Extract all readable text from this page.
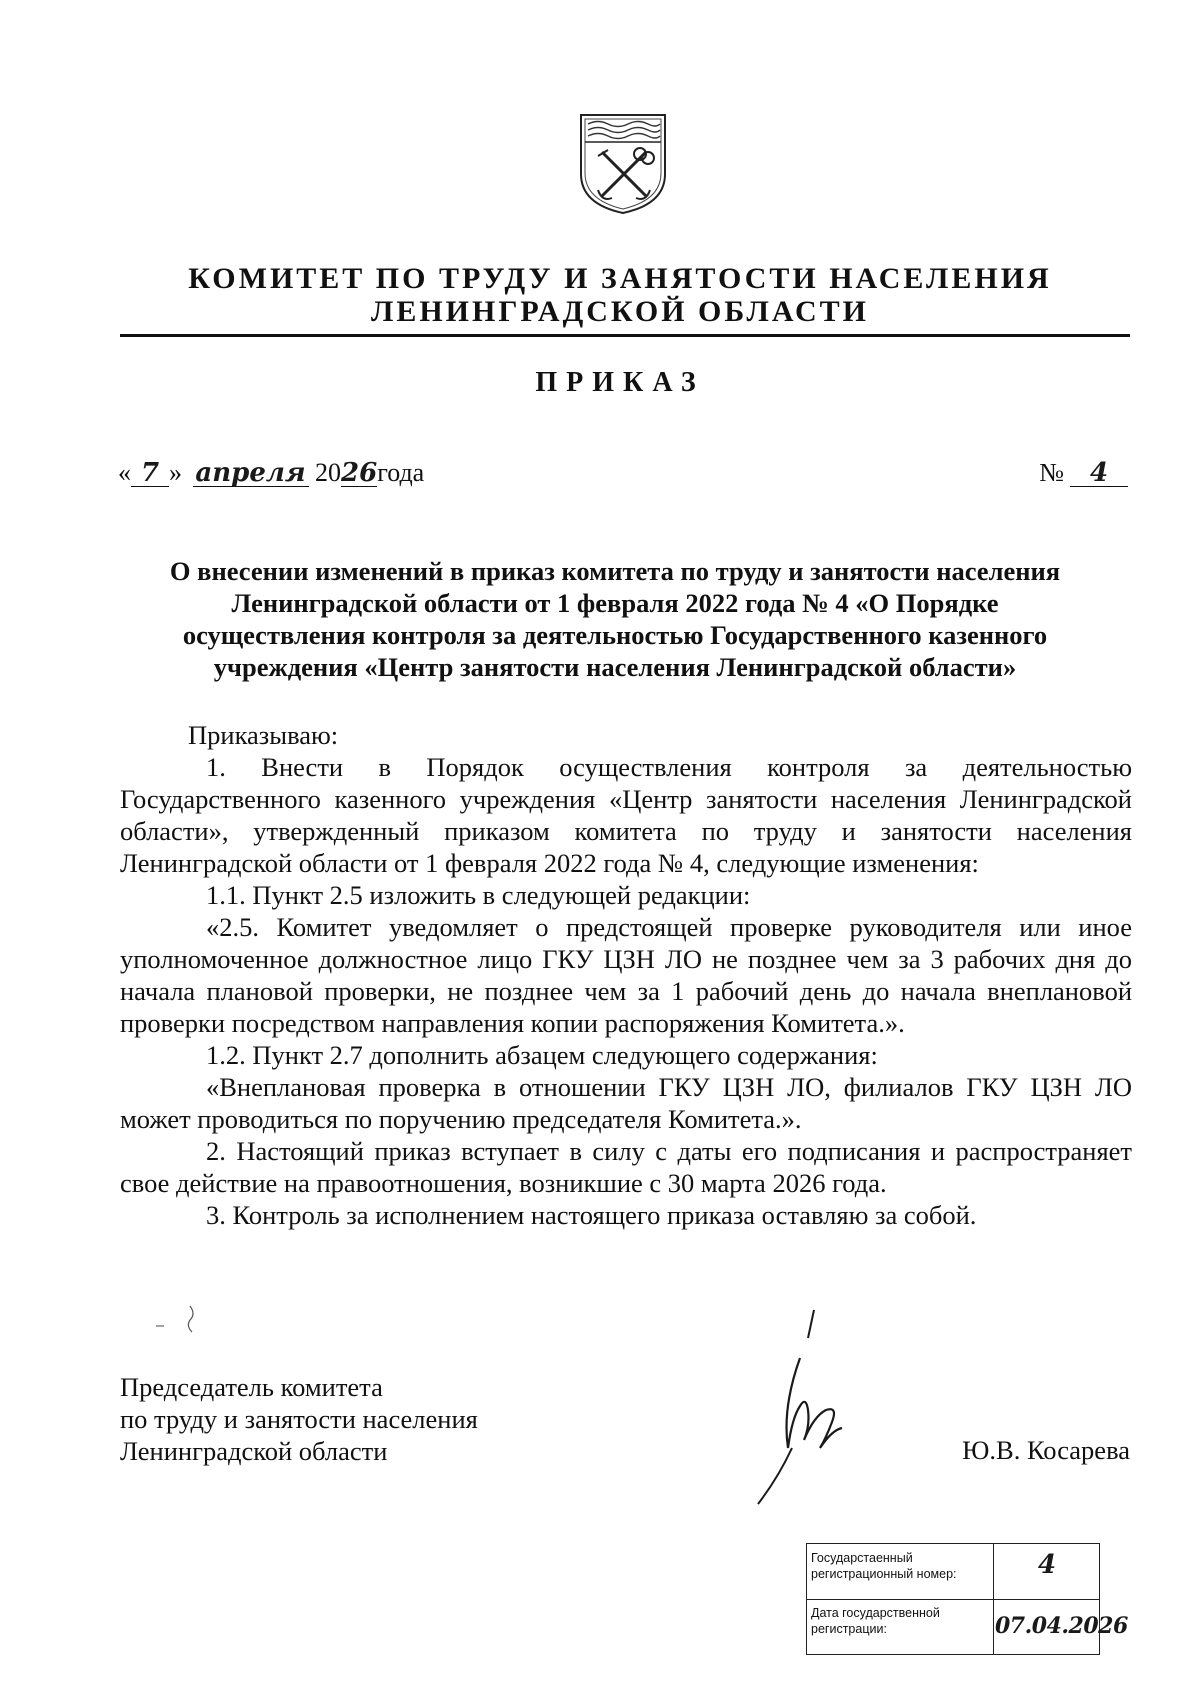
КОМИТЕТ ПО ТРУДУ И ЗАНЯТОСТИ НАСЕЛЕНИЯ
ЛЕНИНГРАДСКОЙ ОБЛАСТИ
ПРИКАЗ
« 7 » апреля 2026года	№ 4
О внесении изменений в приказ комитета по труду и занятости населения
Ленинградской области от 1 февраля 2022 года № 4 «О Порядке
осуществления контроля за деятельностью Государственного казенного
учреждения «Центр занятости населения Ленинградской области»

Приказываю:

1. Внести в Порядок осуществления контроля за деятельностью Государственного казенного учреждения «Центр занятости населения Ленинградской области», утвержденный приказом комитета по труду и занятости населения Ленинградской области от 1 февраля 2022 года № 4, следующие изменения:

1.1. Пункт 2.5 изложить в следующей редакции:

«2.5. Комитет уведомляет о предстоящей проверке руководителя или иное уполномоченное должностное лицо ГКУ ЦЗН ЛО не позднее чем за 3 рабочих дня до начала плановой проверки, не позднее чем за 1 рабочий день до начала внеплановой проверки посредством направления копии распоряжения Комитета.».

1.2. Пункт 2.7 дополнить абзацем следующего содержания:

«Внеплановая проверка в отношении ГКУ ЦЗН ЛО, филиалов ГКУ ЦЗН ЛО может проводиться по поручению председателя Комитета.».

2. Настоящий приказ вступает в силу с даты его подписания и распространяет свое действие на правоотношения, возникшие с 30 марта 2026 года.

3. Контроль за исполнением настоящего приказа оставляю за собой.

Председатель комитета
по труду и занятости населения
Ленинградской области	Ю.В. Косарева
Государстаенный регистрационный номер:	4
Дата государственной регистрации:	07.04.2026
